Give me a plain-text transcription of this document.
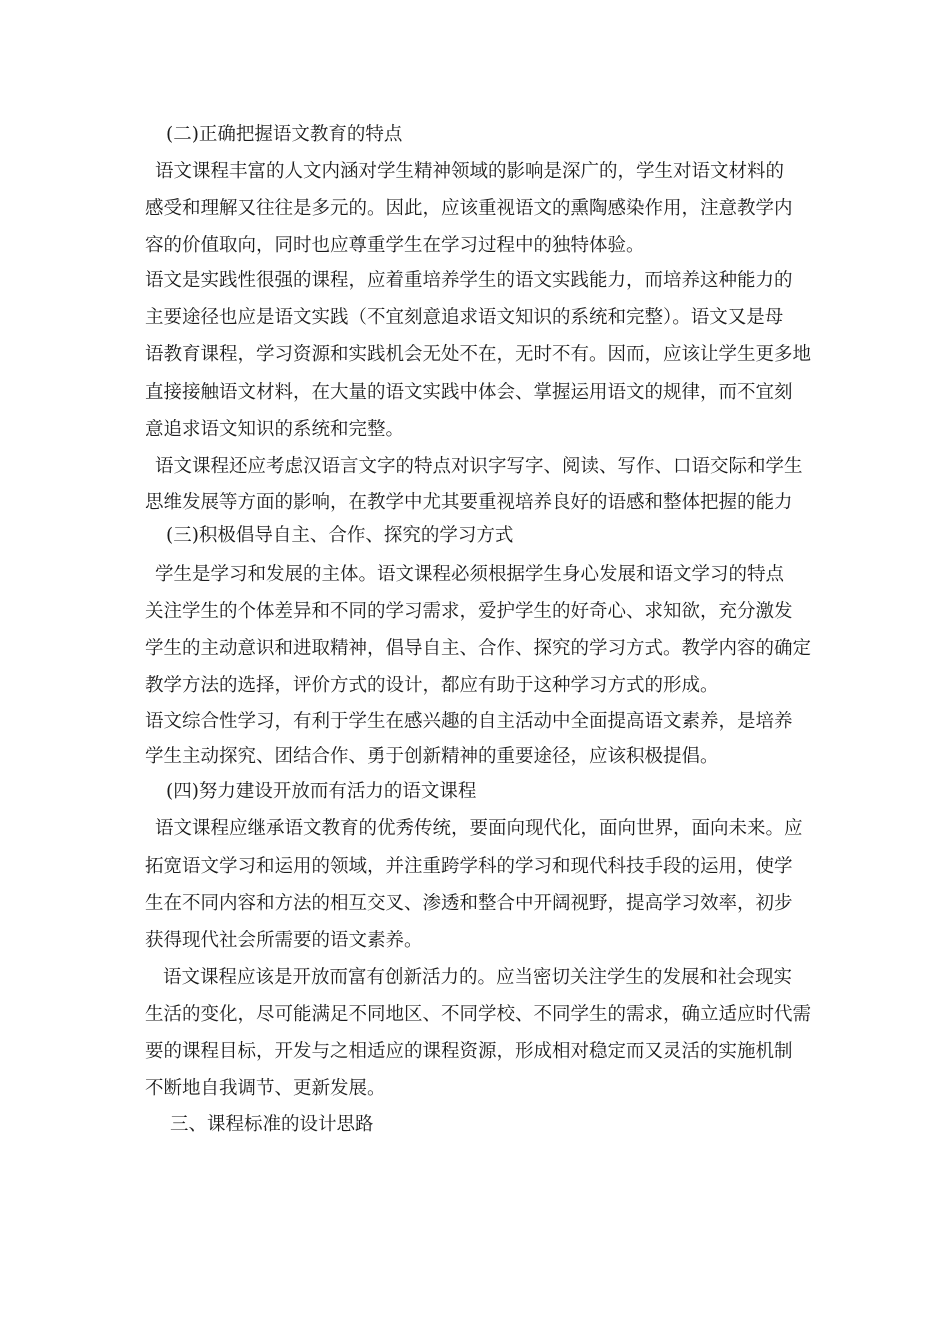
(二)正确把握语文教育的特点
语文课程丰富的人文内涵对学生精神领域的影响是深广的，学生对语文材料的
感受和理解又往往是多元的。因此，应该重视语文的熏陶感染作用，注意教学内
容的价值取向，同时也应尊重学生在学习过程中的独特体验。
语文是实践性很强的课程，应着重培养学生的语文实践能力，而培养这种能力的
主要途径也应是语文实践（不宜刻意追求语文知识的系统和完整）。语文又是母
语教育课程，学习资源和实践机会无处不在，无时不有。因而，应该让学生更多地
直接接触语文材料，在大量的语文实践中体会、掌握运用语文的规律，而不宜刻
意追求语文知识的系统和完整。
语文课程还应考虑汉语言文字的特点对识字写字、阅读、写作、口语交际和学生
思维发展等方面的影响，在教学中尤其要重视培养良好的语感和整体把握的能力
(三)积极倡导自主、合作、探究的学习方式
学生是学习和发展的主体。语文课程必须根据学生身心发展和语文学习的特点
关注学生的个体差异和不同的学习需求，爱护学生的好奇心、求知欲，充分激发
学生的主动意识和进取精神，倡导自主、合作、探究的学习方式。教学内容的确定
教学方法的选择，评价方式的设计，都应有助于这种学习方式的形成。
语文综合性学习，有利于学生在感兴趣的自主活动中全面提高语文素养，是培养
学生主动探究、团结合作、勇于创新精神的重要途径，应该积极提倡。
(四)努力建设开放而有活力的语文课程
语文课程应继承语文教育的优秀传统，要面向现代化，面向世界，面向未来。应
拓宽语文学习和运用的领域，并注重跨学科的学习和现代科技手段的运用，使学
生在不同内容和方法的相互交叉、渗透和整合中开阔视野，提高学习效率，初步
获得现代社会所需要的语文素养。
语文课程应该是开放而富有创新活力的。应当密切关注学生的发展和社会现实
生活的变化，尽可能满足不同地区、不同学校、不同学生的需求，确立适应时代需
要的课程目标，开发与之相适应的课程资源，形成相对稳定而又灵活的实施机制
不断地自我调节、更新发展。
三、课程标准的设计思路
